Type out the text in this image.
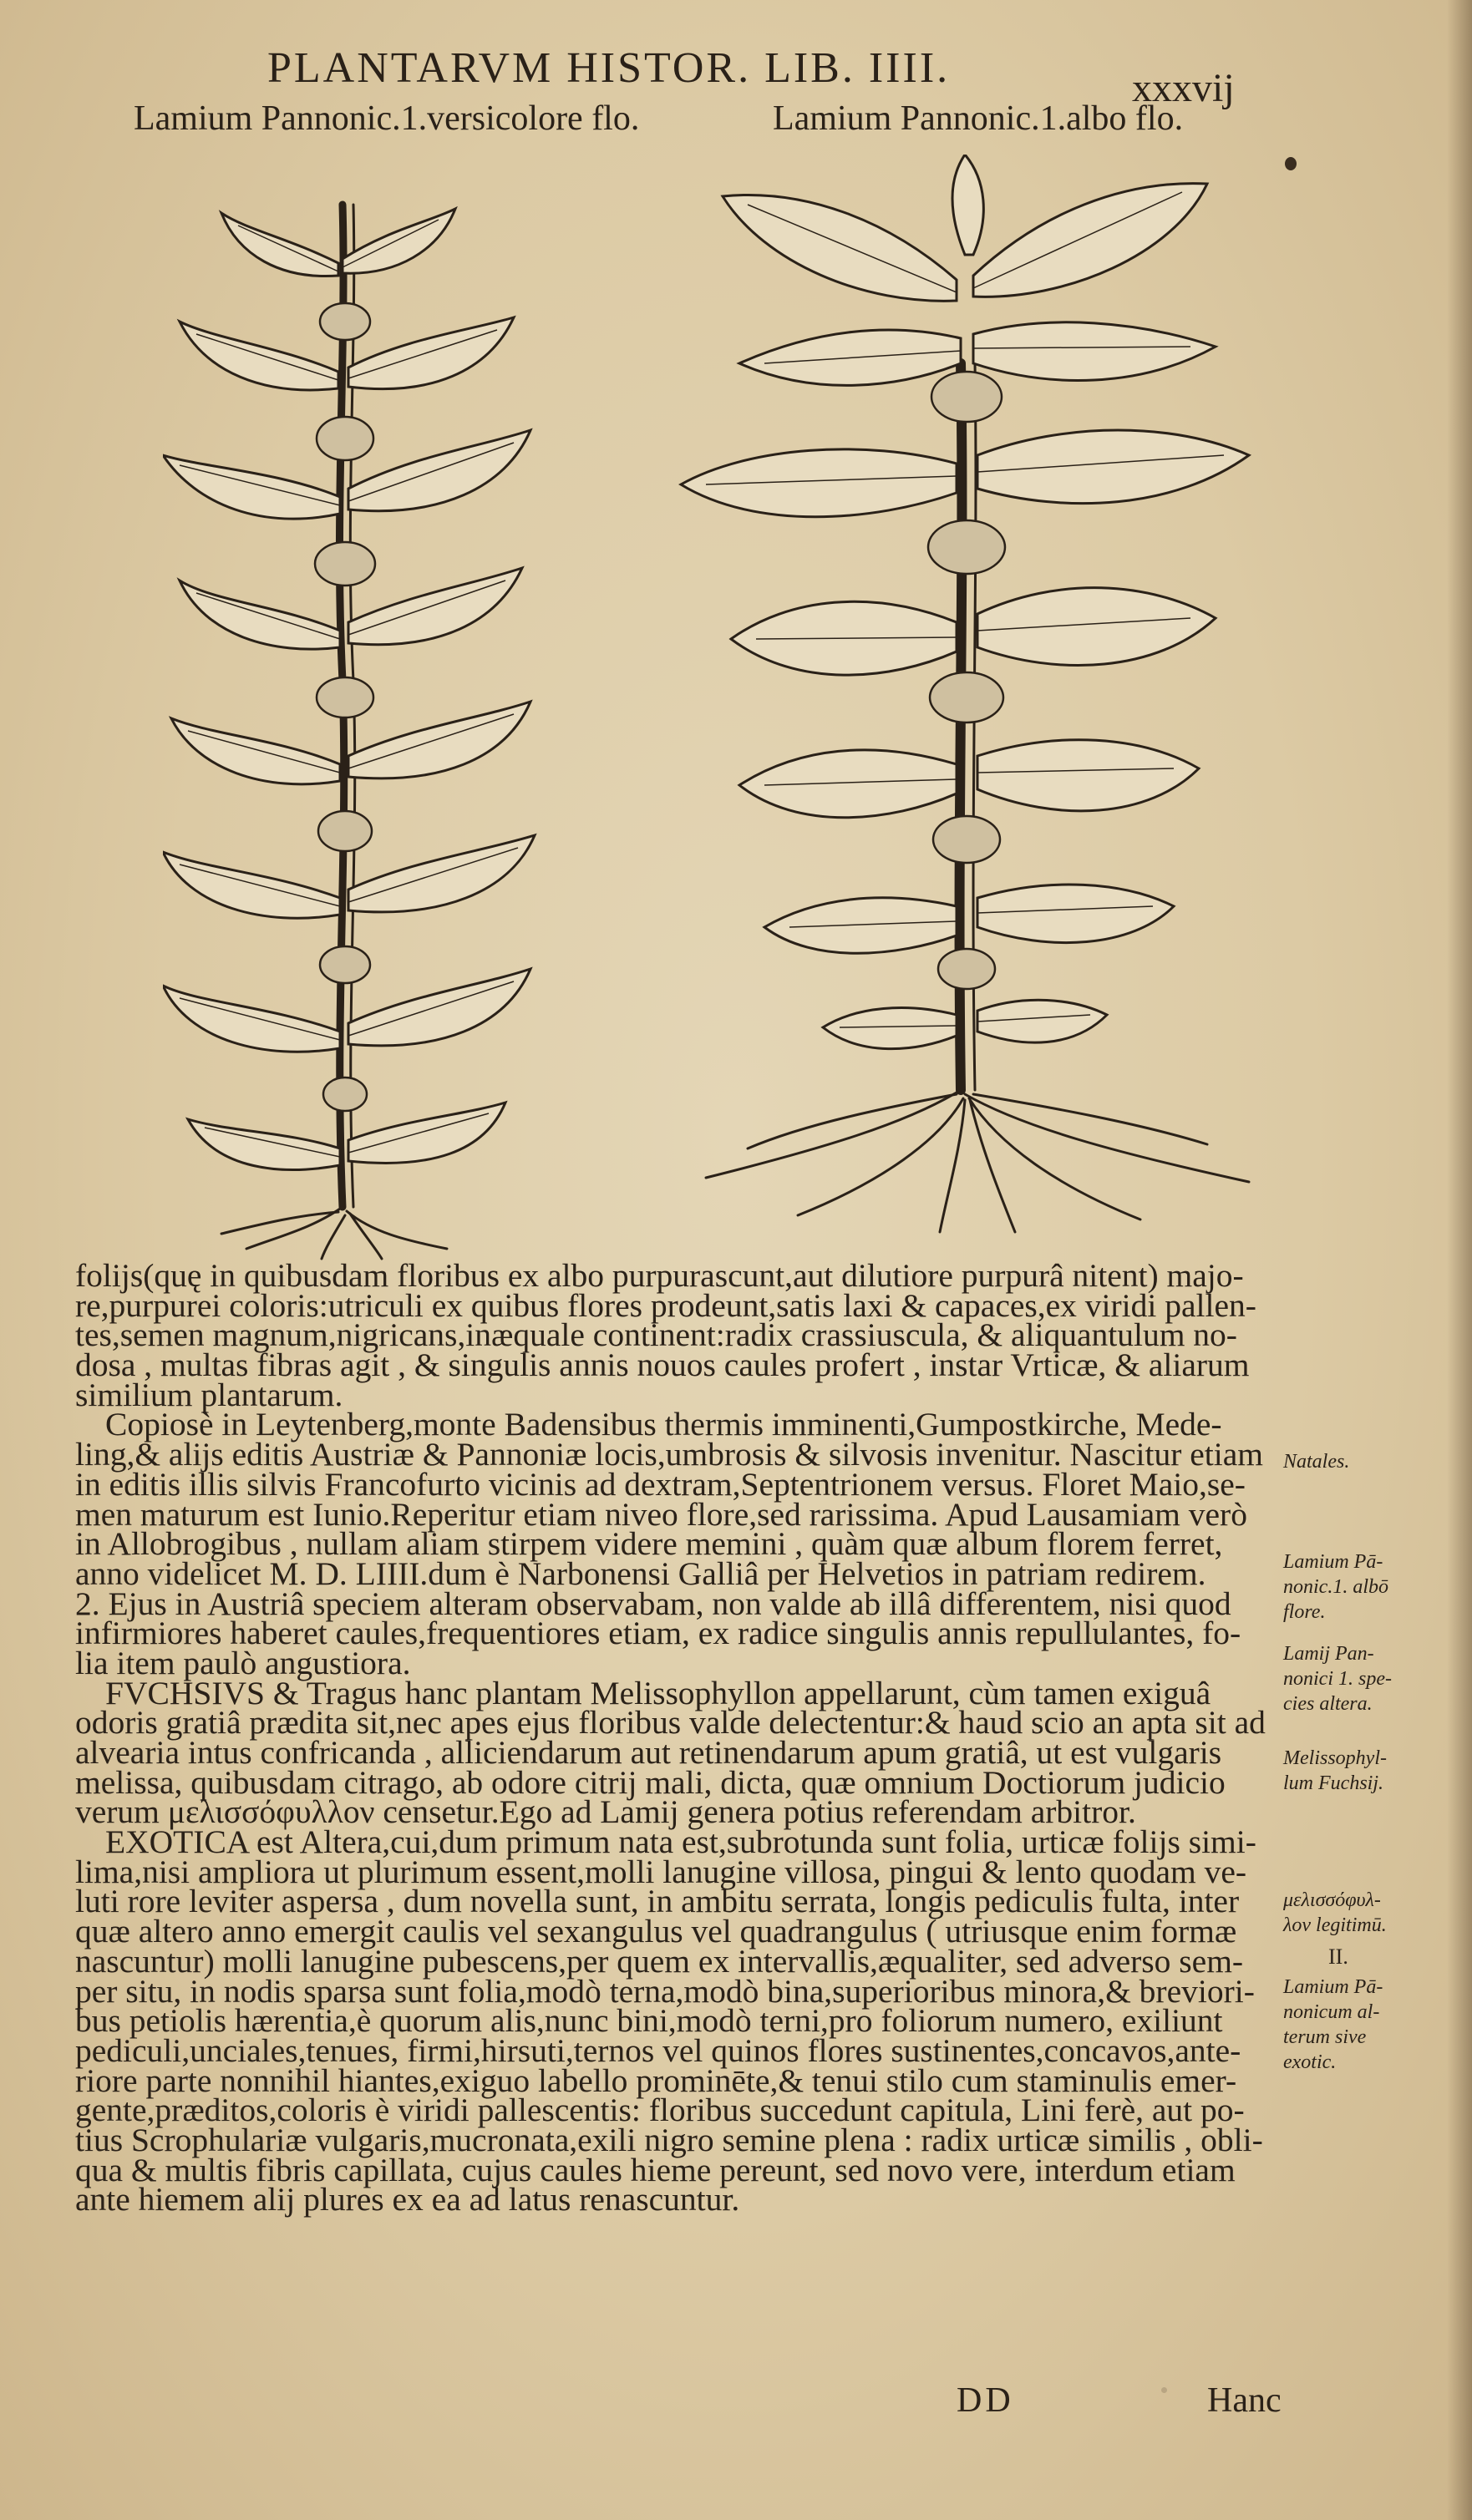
PLANTARVM HISTOR. LIB. IIII.	xxxvij
Lamium Pannonic.1.versicolore flo.	Lamium Pannonic.1.albo flo.
folijs(quę in quibusdam floribus ex albo purpurascunt,aut dilutiore purpurâ nitent) majo-
re,purpurei coloris:utriculi ex quibus flores prodeunt,satis laxi & capaces,ex viridi pallen-
tes,semen magnum,nigricans,inæquale continent:radix crassiuscula, & aliquantulum no-
dosa , multas fibras agit , & singulis annis nouos caules profert , instar Vrticæ, & aliarum
similium plantarum.
Copiosè in Leytenberg,monte Badensibus thermis imminenti,Gumpostkirche, Mede-
ling,& alijs editis Austriæ & Pannoniæ locis,umbrosis & silvosis invenitur. Nascitur etiam
in editis illis silvis Francofurto vicinis ad dextram,Septentrionem versus. Floret Maio,se-
men maturum est Iunio.Reperitur etiam niveo flore,sed rarissima. Apud Lausamiam verò
in Allobrogibus , nullam aliam stirpem videre memini , quàm quæ album florem ferret,
anno videlicet M. D. LIIII.dum è Narbonensi Galliâ per Helvetios in patriam redirem.
2. Ejus in Austriâ speciem alteram observabam, non valde ab illâ differentem, nisi quod
infirmiores haberet caules,frequentiores etiam, ex radice singulis annis repullulantes, fo-
lia item paulò angustiora.
FVCHSIVS & Tragus hanc plantam Melissophyllon appellarunt, cùm tamen exiguâ
odoris gratiâ prædita sit,nec apes ejus floribus valde delectentur:& haud scio an apta sit ad
alvearia intus confricanda , alliciendarum aut retinendarum apum gratiâ, ut est vulgaris
melissa, quibusdam citrago, ab odore citrij mali, dicta, quæ omnium Doctiorum judicio
verum μελισσόφυλλον censetur.Ego ad Lamij genera potius referendam arbitror.
EXOTICA est Altera,cui,dum primum nata est,subrotunda sunt folia, urticæ folijs simi-
lima,nisi ampliora ut plurimum essent,molli lanugine villosa, pingui & lento quodam ve-
luti rore leviter aspersa , dum novella sunt, in ambitu serrata, longis pediculis fulta, inter
quæ altero anno emergit caulis vel sexangulus vel quadrangulus ( utriusque enim formæ
nascuntur) molli lanugine pubescens,per quem ex intervallis,æqualiter, sed adverso sem-
per situ, in nodis sparsa sunt folia,modò terna,modò bina,superioribus minora,& breviori-
bus petiolis hærentia,è quorum alis,nunc bini,modò terni,pro foliorum numero, exiliunt
pediculi,unciales,tenues, firmi,hirsuti,ternos vel quinos flores sustinentes,concavos,ante-
riore parte nonnihil hiantes,exiguo labello prominēte,& tenui stilo cum staminulis emer-
gente,præditos,coloris è viridi pallescentis: floribus succedunt capitula, Lini ferè, aut po-
tius Scrophulariæ vulgaris,mucronata,exili nigro semine plena : radix urticæ similis , obli-
qua & multis fibris capillata, cujus caules hieme pereunt, sed novo vere, interdum etiam
ante hiemem alij plures ex ea ad latus renascuntur.
Natales.
Lamium Pā-
nonic.1. albō
flore.
Lamij Pan-
nonici 1. spe-
cies altera.
Melissophyl-
lum Fuchsij.
μελισσόφυλ-
λον legitimū.
II.
Lamium Pā-
nonicum al-
terum sive
exotic.
DD	Hanc
